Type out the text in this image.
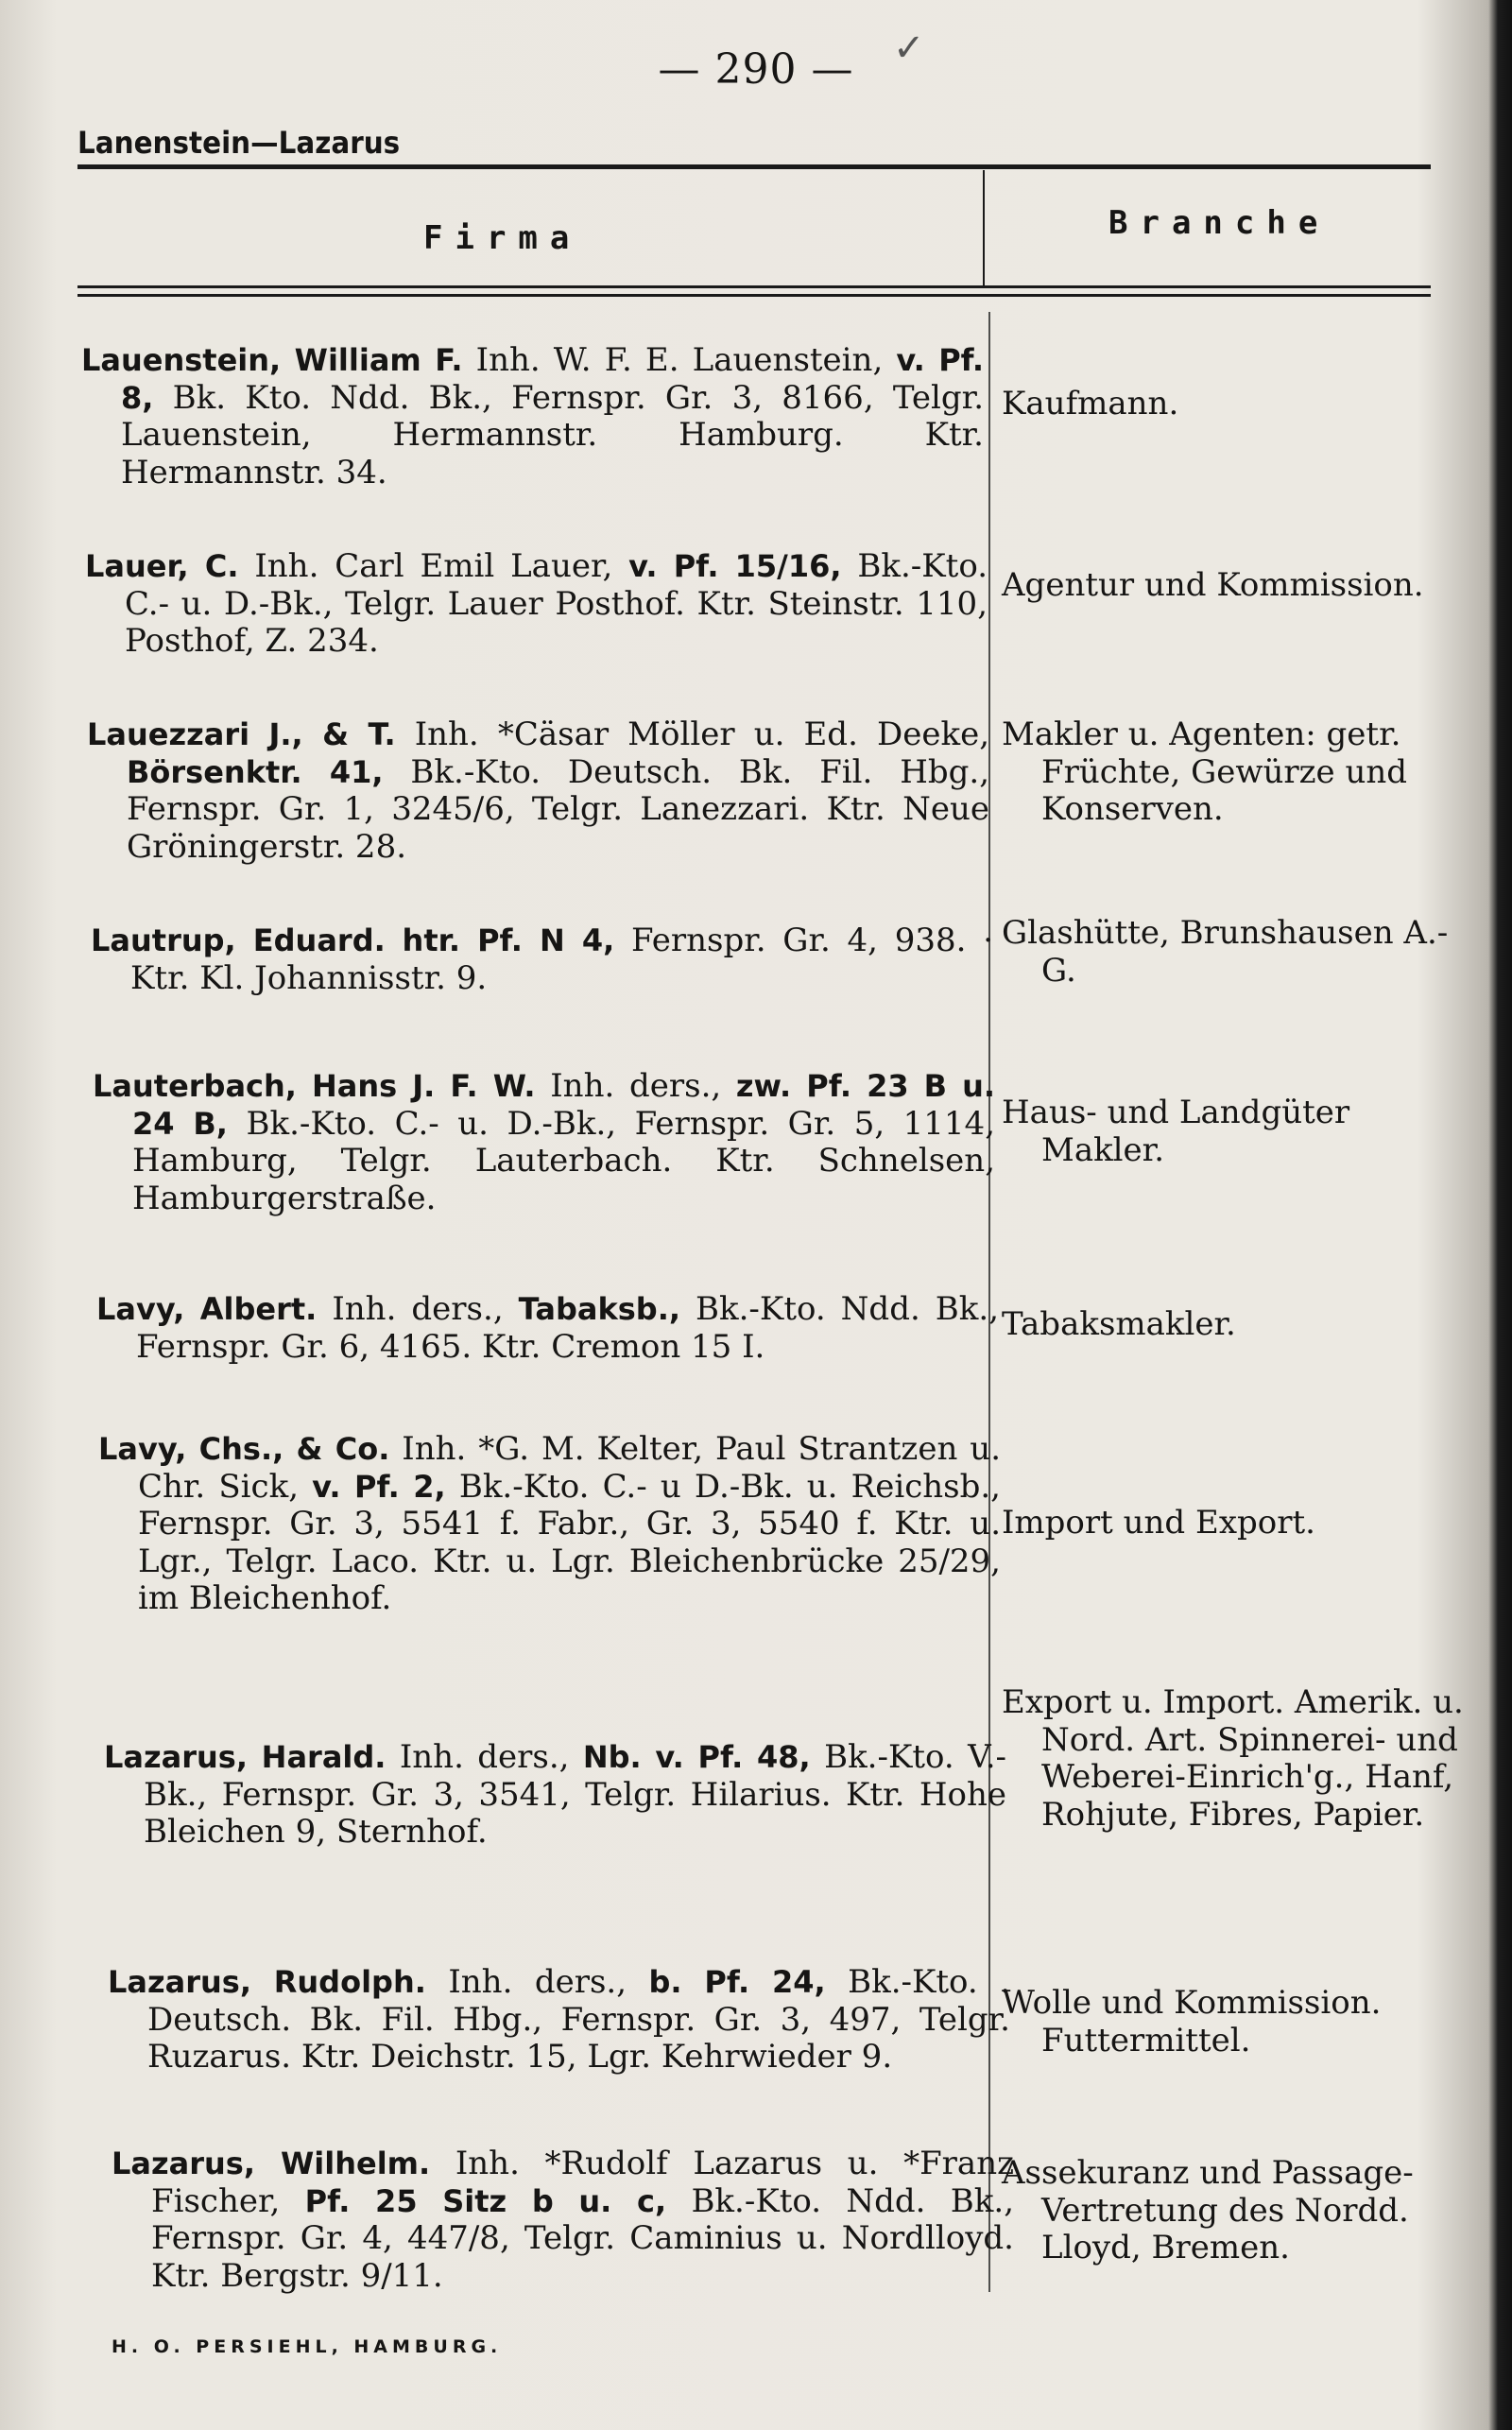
✓
— 290 —
Lanenstein—Lazarus
Firma	Branche
Lauenstein, William F. Inh. W. F. E. Lauenstein, v. Pf. 8, Bk. Kto. Ndd. Bk., Fernspr. Gr. 3, 8166, Telgr. Lauenstein, Hermannstr. Hamburg. Ktr. Hermannstr. 34.
Kaufmann.
Lauer, C. Inh. Carl Emil Lauer, v. Pf. 15/16, Bk.-Kto. C.- u. D.-Bk., Telgr. Lauer Posthof. Ktr. Steinstr. 110, Posthof, Z. 234.
Agentur und Kommission.
Lauezzari J., & T. Inh. *Cäsar Möller u. Ed. Deeke, Börsenktr. 41, Bk.-Kto. Deutsch. Bk. Fil. Hbg., Fernspr. Gr. 1, 3245/6, Telgr. Lanezzari. Ktr. Neue Gröningerstr. 28.
Makler u. Agenten: getr. Früchte, Gewürze und Konserven.
Lautrup, Eduard. htr. Pf. N 4, Fernspr. Gr. 4, 938. · Ktr. Kl. Johannisstr. 9.
Glashütte, Brunshausen A.-G.
Lauterbach, Hans J. F. W. Inh. ders., zw. Pf. 23 B u. 24 B, Bk.-Kto. C.- u. D.-Bk., Fernspr. Gr. 5, 1114, Hamburg, Telgr. Lauterbach. Ktr. Schnelsen, Hamburgerstraße.
Haus- und Landgüter Makler.
Lavy, Albert. Inh. ders., Tabaksb., Bk.-Kto. Ndd. Bk., Fernspr. Gr. 6, 4165. Ktr. Cremon 15 I.
Tabaksmakler.
Lavy, Chs., & Co. Inh. *G. M. Kelter, Paul Strantzen u. Chr. Sick, v. Pf. 2, Bk.-Kto. C.- u D.-Bk. u. Reichsb., Fernspr. Gr. 3, 5541 f. Fabr., Gr. 3, 5540 f. Ktr. u. Lgr., Telgr. Laco. Ktr. u. Lgr. Bleichenbrücke 25/29, im Bleichenhof.
Import und Export.
Lazarus, Harald. Inh. ders., Nb. v. Pf. 48, Bk.-Kto. V.-Bk., Fernspr. Gr. 3, 3541, Telgr. Hilarius. Ktr. Hohe Bleichen 9, Sternhof.
Export u. Import. Amerik. u. Nord. Art. Spinnerei- und Weberei-Einrich'g., Hanf, Rohjute, Fibres, Papier.
Lazarus, Rudolph. Inh. ders., b. Pf. 24, Bk.-Kto. . Deutsch. Bk. Fil. Hbg., Fernspr. Gr. 3, 497, Telgr. Ruzarus. Ktr. Deichstr. 15, Lgr. Kehrwieder 9.
Wolle und Kommission. Futtermittel.
Lazarus, Wilhelm. Inh. *Rudolf Lazarus u. *Franz Fischer, Pf. 25 Sitz b u. c, Bk.-Kto. Ndd. Bk., Fernspr. Gr. 4, 447/8, Telgr. Caminius u. Nordlloyd. Ktr. Bergstr. 9/11.
Assekuranz und Passage-Vertretung des Nordd. Lloyd, Bremen.
H. O. PERSIEHL, HAMBURG.
